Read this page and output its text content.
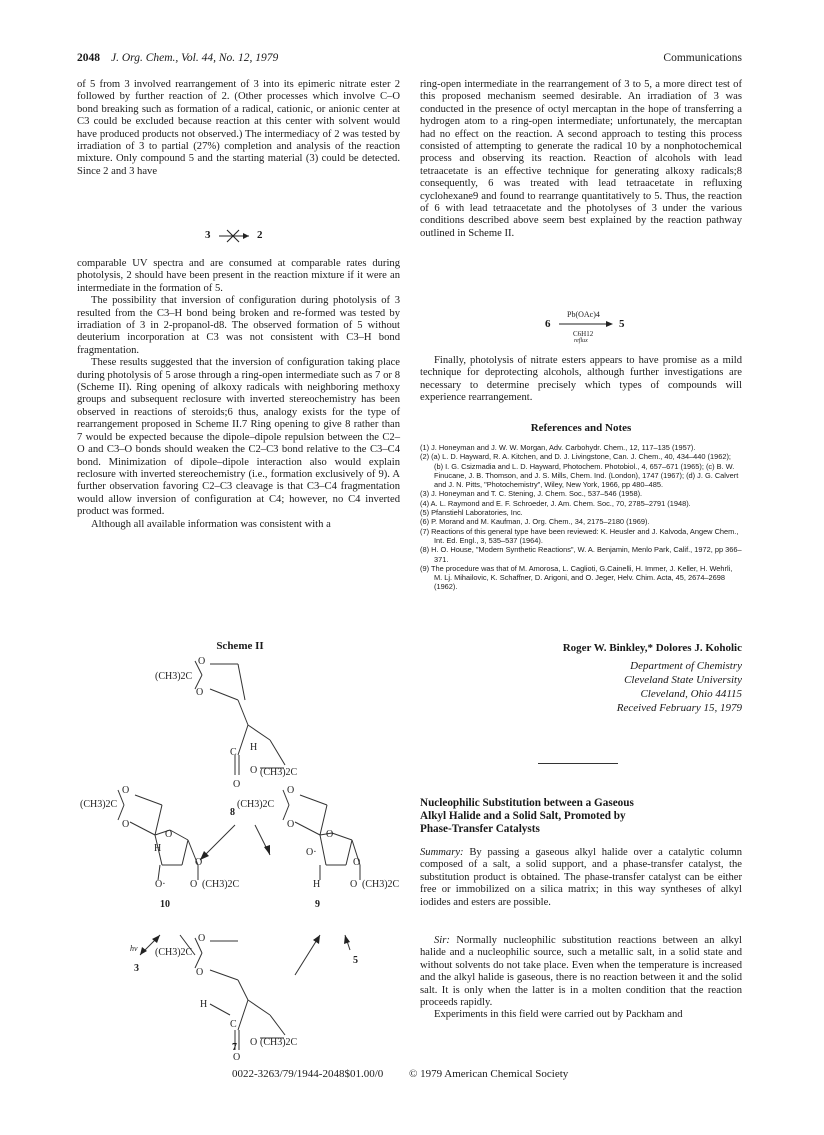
2048 J. Org. Chem., Vol. 44, No. 12, 1979	Communications

of 5 from 3 involved rearrangement of 3 into its epimeric nitrate ester 2 followed by further reaction of 2. (Other processes which involve C–O bond breaking such as formation of a radical, cationic, or anionic center at C3 could be excluded because reaction at this center with solvent would have produced products not observed.) The intermediacy of 2 was tested by irradiation of 3 to partial (27%) completion and analysis of the reaction mixture. Only compound 5 and the starting material (3) could be detected. Since 2 and 3 have

3	2

comparable UV spectra and are consumed at comparable rates during photolysis, 2 should have been present in the reaction mixture if it were an intermediate in the formation of 5.

The possibility that inversion of configuration during photolysis of 3 resulted from the C3–H bond being broken and re-formed was tested by irradiation of 3 in 2-propanol-d8. The observed formation of 5 without deuterium incorporation at C3 was not consistent with C3–H bond fragmentation.

These results suggested that the inversion of configuration taking place during photolysis of 5 arose through a ring-open intermediate such as 7 or 8 (Scheme II). Ring opening of alkoxy radicals with neighboring methoxy groups and subsequent reclosure with inverted stereochemistry has been observed in reactions of steroids;6 thus, analogy exists for the type of rearrangement proposed in Scheme II.7 Ring opening to give 8 rather than 7 would be expected because the dipole–dipole repulsion between the C2–O and C3–O bonds should weaken the C2–C3 bond relative to the C3–C4 bond. Minimization of dipole–dipole interaction also would explain reclosure with inverted stereochemistry (i.e., formation exclusively of 9). A further observation favoring C2–C3 cleavage is that C3–C4 fragmentation would allow inversion of configuration at C4; however, no C4 inverted product was formed.

Although all available information was consistent with a

Scheme II
(CH3)2C
O
O
H
C
O
O (CH3)2C
8
(CH3)2C
O
O
O
H
O
O· O (CH3)2C
10
(CH3)2C
O
O
O
O·
O
H	O (CH3)2C
9
hν
3
5
(CH3)2C
O
O
H
C
O
O (CH3)2C
7

ring-open intermediate in the rearrangement of 3 to 5, a more direct test of this proposed mechanism seemed desirable. An irradiation of 3 was conducted in the presence of octyl mercaptan in the hope of transferring a hydrogen atom to a ring-open intermediate; unfortunately, the mercaptan had no effect on the reaction. A second approach to testing this process consisted of attempting to generate the radical 10 by a nonphotochemical process and observing its reaction. Reaction of alcohols with lead tetraacetate is an effective technique for generating alkoxy radicals;8 consequently, 6 was treated with lead tetraacetate in refluxing cyclohexane9 and found to rearrange quantitatively to 5. Thus, the reaction of 6 with lead tetraacetate and the photolyses of 3 under the various conditions described above seem best explained by the reaction pathway outlined in Scheme II.

Pb(OAc)4
6 → 5
C6H12
reflux

Finally, photolysis of nitrate esters appears to have promise as a mild technique for deprotecting alcohols, although further investigations are necessary to determine precisely which types of compounds will experience rearrangement.

References and Notes

(1) J. Honeyman and J. W. W. Morgan, Adv. Carbohydr. Chem., 12, 117–135 (1957).

(2) (a) L. D. Hayward, R. A. Kitchen, and D. J. Livingstone, Can. J. Chem., 40, 434–440 (1962); (b) I. G. Csizmadia and L. D. Hayward, Photochem. Photobiol., 4, 657–671 (1965); (c) B. W. Finucane, J. B. Thomson, and J. S. Mills, Chem. Ind. (London), 1747 (1967); (d) J. G. Calvert and J. N. Pitts, "Photochemistry", Wiley, New York, 1966, pp 480–485.

(3) J. Honeyman and T. C. Stening, J. Chem. Soc., 537–546 (1958).

(4) A. L. Raymond and E. F. Schroeder, J. Am. Chem. Soc., 70, 2785–2791 (1948).

(5) Pfanstiehl Laboratories, Inc.

(6) P. Morand and M. Kaufman, J. Org. Chem., 34, 2175–2180 (1969).

(7) Reactions of this general type have been reviewed: K. Heusler and J. Kalvoda, Angew Chem., Int. Ed. Engl., 3, 535–537 (1964).

(8) H. O. House, "Modern Synthetic Reactions", W. A. Benjamin, Menlo Park, Calif., 1972, pp 366–371.

(9) The procedure was that of M. Amorosa, L. Caglioti, G.Cainelli, H. Immer, J. Keller, H. Wehrli, M. Lj. Mihailovic, K. Schaffner, D. Arigoni, and O. Jeger, Helv. Chim. Acta, 45, 2674–2698 (1962).

Roger W. Binkley,* Dolores J. Koholic
Department of Chemistry
Cleveland State University
Cleveland, Ohio 44115
Received February 15, 1979
Nucleophilic Substitution between a Gaseous
Alkyl Halide and a Solid Salt, Promoted by
Phase-Transfer Catalysts

Summary: By passing a gaseous alkyl halide over a catalytic column composed of a salt, a solid support, and a phase-transfer catalyst, the substitution product is obtained. The phase-transfer catalyst can be either free or immobilized on a silica matrix; in this way syntheses of alkyl iodides and esters are possible.

Sir: Normally nucleophilic substitution reactions between an alkyl halide and a nucleophilic source, such a metallic salt, in a solid state and without solvents do not take place. Even when the temperature is increased and the alkyl halide is gaseous, there is no reaction between it and the solid salt. It is only when the latter is in a molten condition that the reaction proceeds rapidly.

Experiments in this field were carried out by Packham and

0022-3263/79/1944-2048$01.00/0 © 1979 American Chemical Society
